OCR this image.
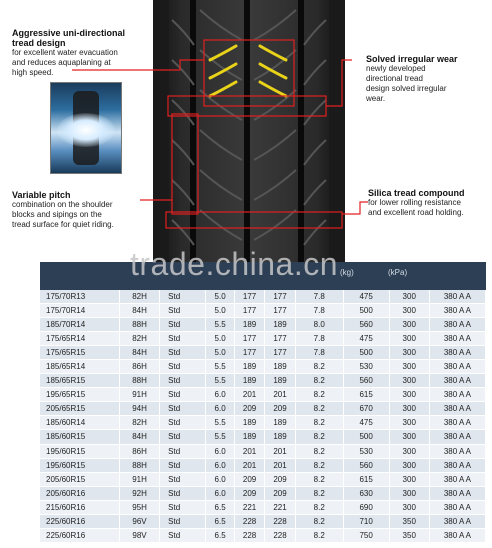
Aggressive uni-directional
tread design
for excellent water evacuation
and reduces aquaplaning at
high speed.
Solved irregular wear
newly developed
directional tread
design solved irregular
wear.
Variable pitch
combination on the shoulder
blocks and sipings on the
tread surface for quiet riding.
Silica tread compound
for lower rolling resistance
and excellent road holding.
(kg)	(kPa)
trade.china.cn
175/70R13	82H	Std	5.0	177	177	7.8	475	300	380 A A
175/70R14	84H	Std	5.0	177	177	7.8	500	300	380 A A
185/70R14	88H	Std	5.5	189	189	8.0	560	300	380 A A
175/65R14	82H	Std	5.0	177	177	7.8	475	300	380 A A
175/65R15	84H	Std	5.0	177	177	7.8	500	300	380 A A
185/65R14	86H	Std	5.5	189	189	8.2	530	300	380 A A
185/65R15	88H	Std	5.5	189	189	8.2	560	300	380 A A
195/65R15	91H	Std	6.0	201	201	8.2	615	300	380 A A
205/65R15	94H	Std	6.0	209	209	8.2	670	300	380 A A
185/60R14	82H	Std	5.5	189	189	8.2	475	300	380 A A
185/60R15	84H	Std	5.5	189	189	8.2	500	300	380 A A
195/60R15	86H	Std	6.0	201	201	8.2	530	300	380 A A
195/60R15	88H	Std	6.0	201	201	8.2	560	300	380 A A
205/60R15	91H	Std	6.0	209	209	8.2	615	300	380 A A
205/60R16	92H	Std	6.0	209	209	8.2	630	300	380 A A
215/60R16	95H	Std	6.5	221	221	8.2	690	300	380 A A
225/60R16	96V	Std	6.5	228	228	8.2	710	350	380 A A
225/60R16	98V	Std	6.5	228	228	8.2	750	350	380 A A
